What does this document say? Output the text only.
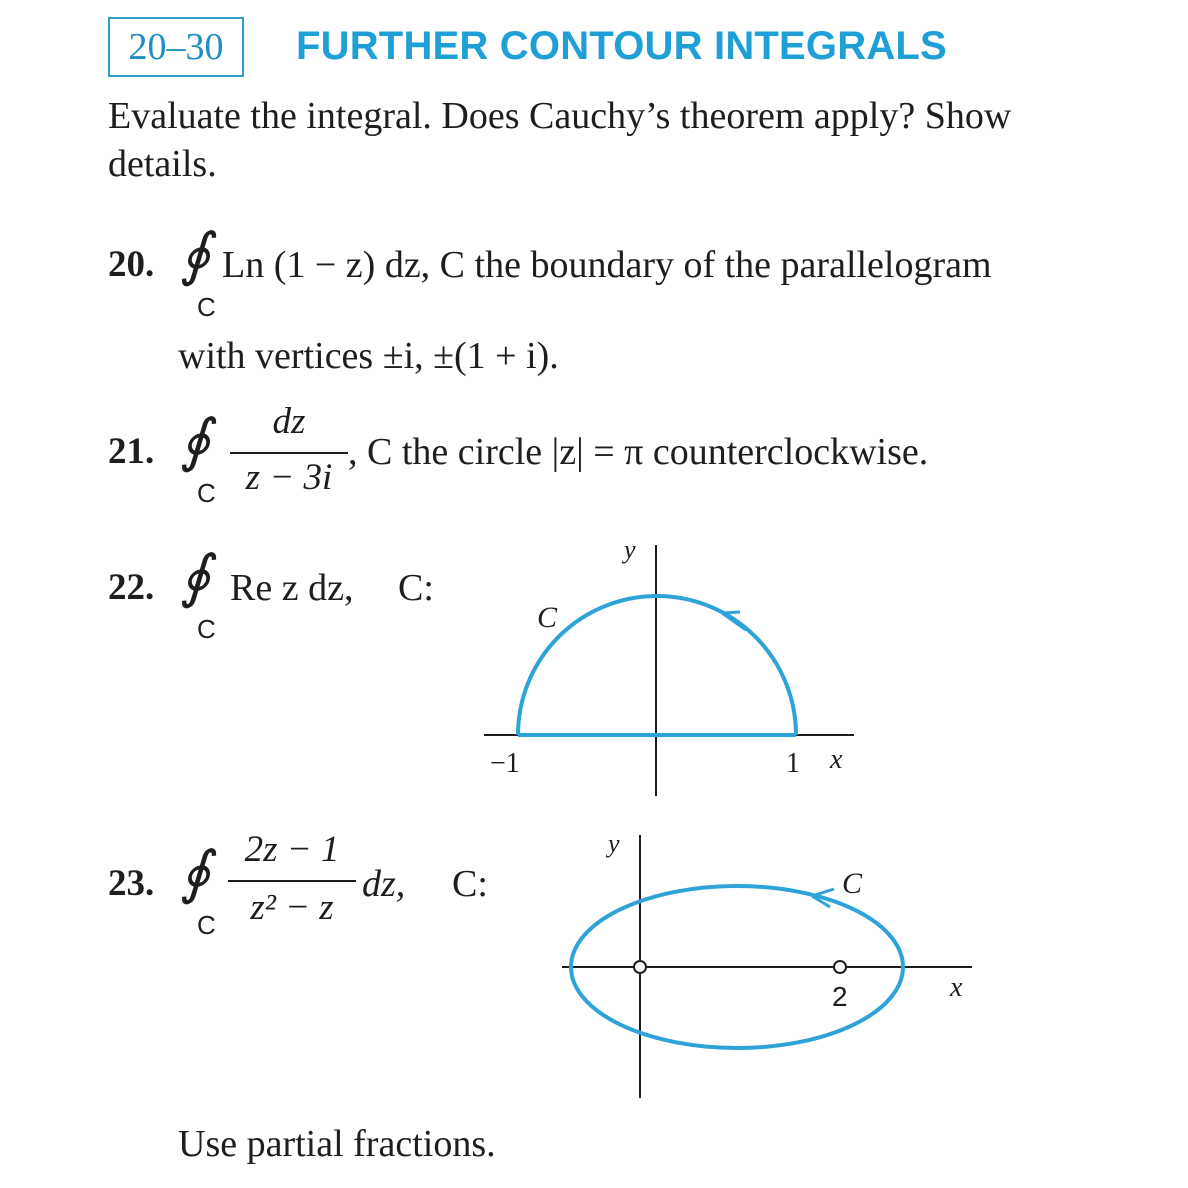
20–30 FURTHER CONTOUR INTEGRALS
Evaluate the integral. Does Cauchy’s theorem apply? Show details.
20. ∮
C
Ln (1 − z) dz, C the boundary of the parallelogram
with vertices ±i, ±(1 + i).
21. ∮
C
dz
z − 3i
, C the circle |z| = π counterclockwise.
22. ∮
C
Re z dz, C:
23. ∮
C
2z − 1
z² − z
dz, C:
Use partial fractions.
y
C
−1	1 x
y
C
2	x
